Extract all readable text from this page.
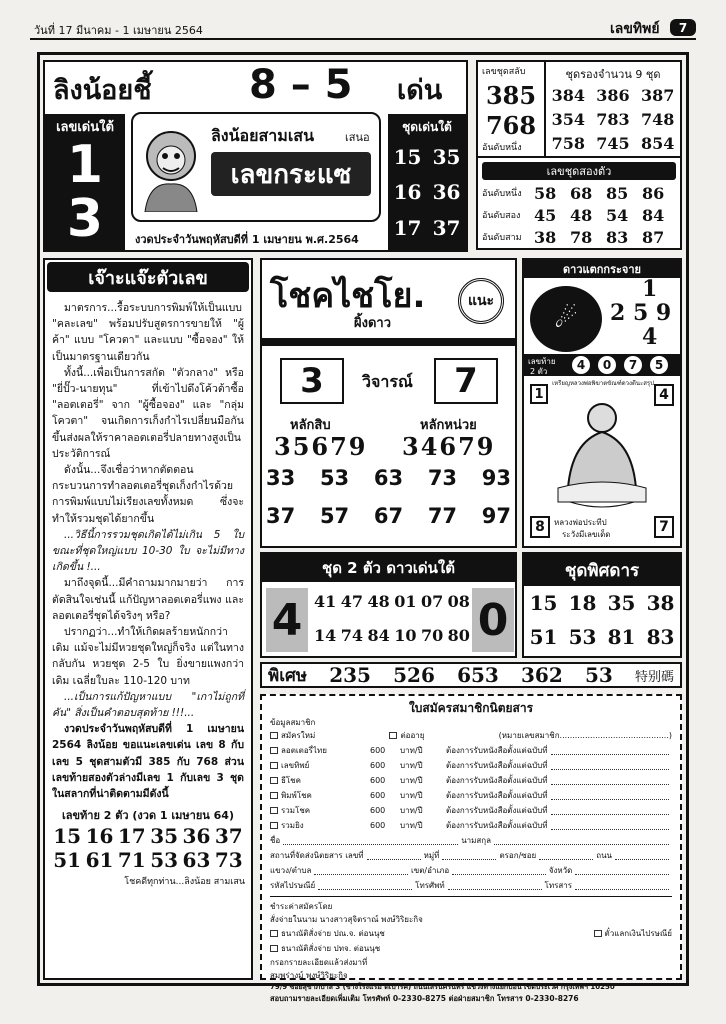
วันที่ 17 มีนาคม - 1 เมษายน 2564	เลขทิพย์	7
ลิงน้อยชี้ 8 – 5 เด่น
เลขเด่นใต้
1
3
ลิงน้อยสามเสน	เสนอ
เลขกระแซ
งวดประจำวันพฤหัสบดีที่ 1 เมษายน พ.ศ.2564
ชุดเด่นใต้
15 35
16 36
17 37
เลขชุดสลับ
385
768
อันดับหนึ่ง
ชุดรองจำนวน 9 ชุด
384 386 387
354 783 748
758 745 854
เลขชุดสองตัว
อันดับหนึ่ง 58 68 85 86
อันดับสอง 45 48 54 84
อันดับสาม 38 78 83 87
เจ๊าะแจ๊ะตัวเลข

มาตรการ...รื้อระบบการพิมพ์ให้เป็นแบบ "คละเลข" พร้อมปรับสูตรการขายให้ "ผู้ค้า" แบบ "โควตา" และแบบ "ซื้อจอง" ให้เป็นมาตรฐานเดียวกัน

ทั้งนี้...เพื่อเป็นการสกัด "ตัวกลาง" หรือ "ยี่ปั๊ว-นายทุน" ที่เข้าไปดึงโค้วต้าซื้อ "ลอตเตอรี่" จาก "ผู้ซื้อจอง" และ "กลุ่มโควตา" จนเกิดการเก็งกำไรเปลี่ยนมือกันขึ้นส่งผลให้ราคาลอตเตอรี่ปลายทางสูงเป็นประวัติการณ์

ดังนั้น...จึงเชื่อว่าหากตัดตอนกระบวนการทำลอตเตอรี่ชุดเก็งกำไรด้วยการพิมพ์แบบไม่เรียงเลขทั้งหมด ซึ่งจะทำให้รวมชุดได้ยากขึ้น

...วิธีนี้การรวมชุดเกิดได้ไม่เกิน 5 ใบ ขณะที่ชุดใหญ่แบบ 10-30 ใบ จะไม่มีทางเกิดขึ้น !...

มาถึงจุดนี้...มีคำถามมากมายว่า การตัดสินใจเช่นนี้ แก้ปัญหาลอตเตอรี่แพง และลอตเตอรี่ชุดได้จริงๆ หรือ?

ปรากฏว่า...ทำให้เกิดผลร้ายหนักกว่าเดิม แม้จะไม่มีหวยชุดใหญ่ก็จริง แต่ในทางกลับกัน หวยชุด 2-5 ใบ ยิ่งขายแพงกว่าเดิม เฉลี่ยใบละ 110-120 บาท

...เป็นการแก้ปัญหาแบบ "เกาไม่ถูกที่คัน" สิ่งเป็นคำตอบสุดท้าย !!!...

งวดประจำวันพฤหัสบดีที่ 1 เมษายน 2564 ลิงน้อย ขอแนะเลขเด่น เลข 8 กับเลข 5 ชุดสามตัวมี 385 กับ 768 ส่วนเลขท้ายสองตัวล่างมีเลข 1 กับเลข 3 ชุดในสลากที่น่าติดตามมีดังนี้

เลขท้าย 2 ตัว (งวด 1 เมษายน 64)
15 16 17 35 36 37
51 61 71 53 63 73
โชคดีทุกท่าน...ลิงน้อย สามเสน
โชคไชโย.	แนะ
ผิ้งดาว
3	วิจารณ์	7
หลักสิบ	หลักหน่วย
35679 34679
33 53 63 73 93
37 57 67 77 97
ดาวแตกกระจาย
☄
1
2 5 9
4
เลขท้าย
2 ตัว	4	0	7	5
เหรียญหลวงพ่อพิฆาตขัณฑ์ดวงดีนะสรุป
1	4
8	7
หลวงพ่อประทีป
ระวังมีเลขเด็ด
ชุด 2 ตัว ดาวเด่นใต้
4 41 47 48 01 07 08
14 74 84 10 70 80 0
ชุดพิศดาร
15 18 35 38
51 53 81 83
พิเศษ 235 526 653 362 53 特别碼
ใบสมัครสมาชิกนิตยสาร
ข้อมูลสมาชิก
สมัครใหม่	ต่ออายุ	(หมายเลขสมาชิก...........................................)
ลอตเตอรี่ไทย	600	บาท/ปี	ต้องการรับหนังสือตั้งแต่ฉบับที่
เลขทิพย์	600	บาท/ปี	ต้องการรับหนังสือตั้งแต่ฉบับที่
ธีโชค	600	บาท/ปี	ต้องการรับหนังสือตั้งแต่ฉบับที่
พิมพ์โชค	600	บาท/ปี	ต้องการรับหนังสือตั้งแต่ฉบับที่
รวมโชค	600	บาท/ปี	ต้องการรับหนังสือตั้งแต่ฉบับที่
รวมยิง	600	บาท/ปี	ต้องการรับหนังสือตั้งแต่ฉบับที่
ชื่อ	นามสกุล
สถานที่จัดส่งนิตยสาร เลขที่	หมู่ที่	ตรอก/ซอย	ถนน
แขวง/ตำบล	เขต/อำเภอ	จังหวัด
รหัสไปรษณีย์	โทรศัพท์	โทรสาร
ชำระค่าสมัครโดย
สั่งจ่ายในนาม นางสาวสุจิตราณ์ พงษ์วิริยะกิจ
ธนาณัติสั่งจ่าย ปณ.จ. ต่อนนุช	ตั๋วแลกเงินไปรษณีย์
ธนาณัติสั่งจ่าย ปทจ. ต่อนนุช
กรอกรายละเอียดแล้วส่งมาที่
สมพร่างม์ พงษ์วิริยะกิจ
79/9 ซอยสุขาภิบาล 3 (ข้างโรงแรม ดีเปาร์ค) ถนนเสรีนครินทร์ แขวงทางแยกบอน เขตประเวศ กรุงเทพฯ 10250
สอบถามรายละเอียดเพิ่มเติม โทรศัพท์ 0-2330-8275 ต่อฝ่ายสมาชิก โทรสาร 0-2330-8276
